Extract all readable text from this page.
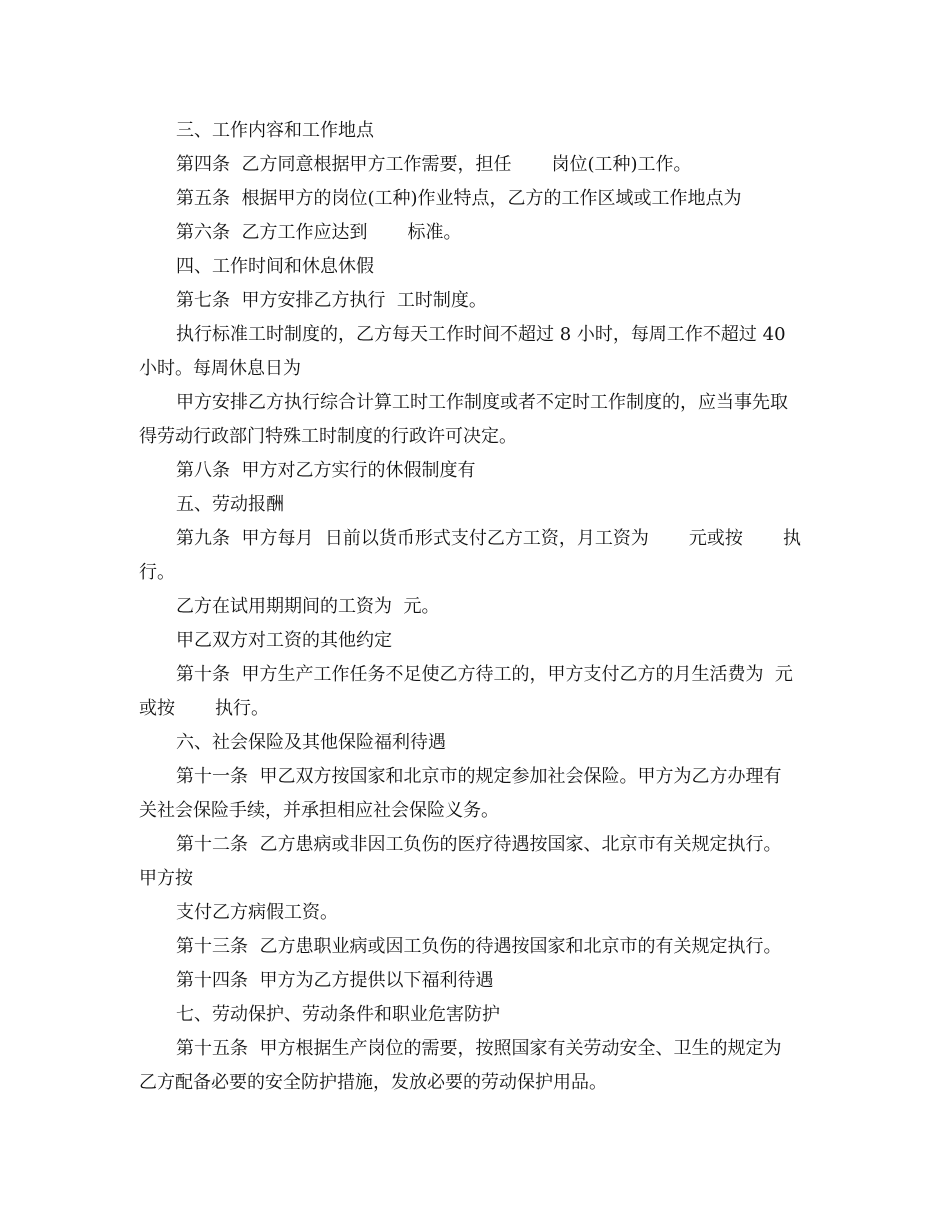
三、工作内容和工作地点
第四条  乙方同意根据甲方工作需要，担任       岗位(工种)工作。
第五条  根据甲方的岗位(工种)作业特点，乙方的工作区域或工作地点为
第六条  乙方工作应达到       标准。
四、工作时间和休息休假
第七条  甲方安排乙方执行  工时制度。
执行标准工时制度的，乙方每天工作时间不超过 8 小时，每周工作不超过 40
小时。每周休息日为
甲方安排乙方执行综合计算工时工作制度或者不定时工作制度的，应当事先取
得劳动行政部门特殊工时制度的行政许可决定。
第八条  甲方对乙方实行的休假制度有
五、劳动报酬
第九条  甲方每月  日前以货币形式支付乙方工资，月工资为       元或按       执
行。
乙方在试用期期间的工资为  元。
甲乙双方对工资的其他约定
第十条  甲方生产工作任务不足使乙方待工的，甲方支付乙方的月生活费为  元
或按       执行。
六、社会保险及其他保险福利待遇
第十一条  甲乙双方按国家和北京市的规定参加社会保险。甲方为乙方办理有
关社会保险手续，并承担相应社会保险义务。
第十二条  乙方患病或非因工负伤的医疗待遇按国家、北京市有关规定执行。
甲方按
支付乙方病假工资。
第十三条  乙方患职业病或因工负伤的待遇按国家和北京市的有关规定执行。
第十四条  甲方为乙方提供以下福利待遇
七、劳动保护、劳动条件和职业危害防护
第十五条  甲方根据生产岗位的需要，按照国家有关劳动安全、卫生的规定为
乙方配备必要的安全防护措施，发放必要的劳动保护用品。
